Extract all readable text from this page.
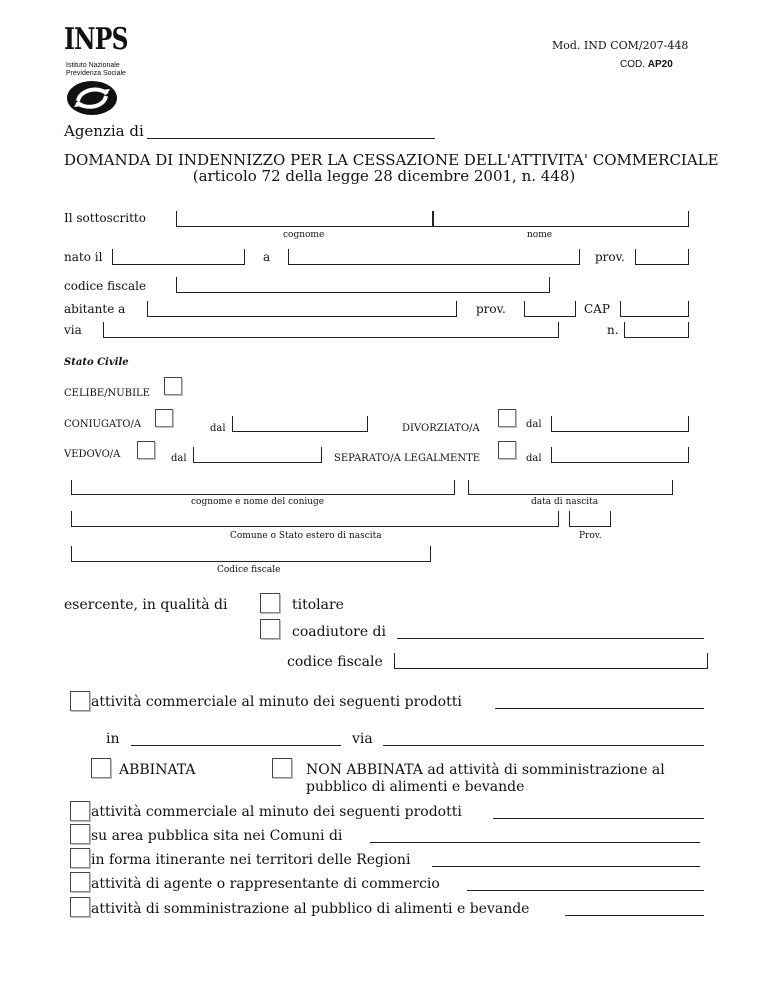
INPS
Istituto Nazionale
Previdenza Sociale
Mod. IND COM/207-448
COD. AP20
Agenzia di
DOMANDA DI INDENNIZZO PER LA CESSAZIONE DELL'ATTIVITA' COMMERCIALE
(articolo 72 della legge 28 dicembre 2001, n. 448)
Il sottoscritto
cognome	nome
nato il	a	prov.
codice fiscale
abitante a	prov.	CAP
via	n.
Stato Civile
CELIBE/NUBILE
CONIUGATO/A	dal	DIVORZIATO/A	dal
VEDOVO/A	dal	SEPARATO/A LEGALMENTE	dal
cognome e nome del coniuge	data di nascita
Comune o Stato estero di nascita	Prov.
Codice fiscale
esercente, in qualità di	titolare
coadiutore di
codice fiscale
attività commerciale al minuto dei seguenti prodotti
in	via
ABBINATA	NON ABBINATA ad attività di somministrazione al
pubblico di alimenti e bevande
attività commerciale al minuto dei seguenti prodotti
su area pubblica sita nei Comuni di
in forma itinerante nei territori delle Regioni
attività di agente o rappresentante di commercio
attività di somministrazione al pubblico di alimenti e bevande
